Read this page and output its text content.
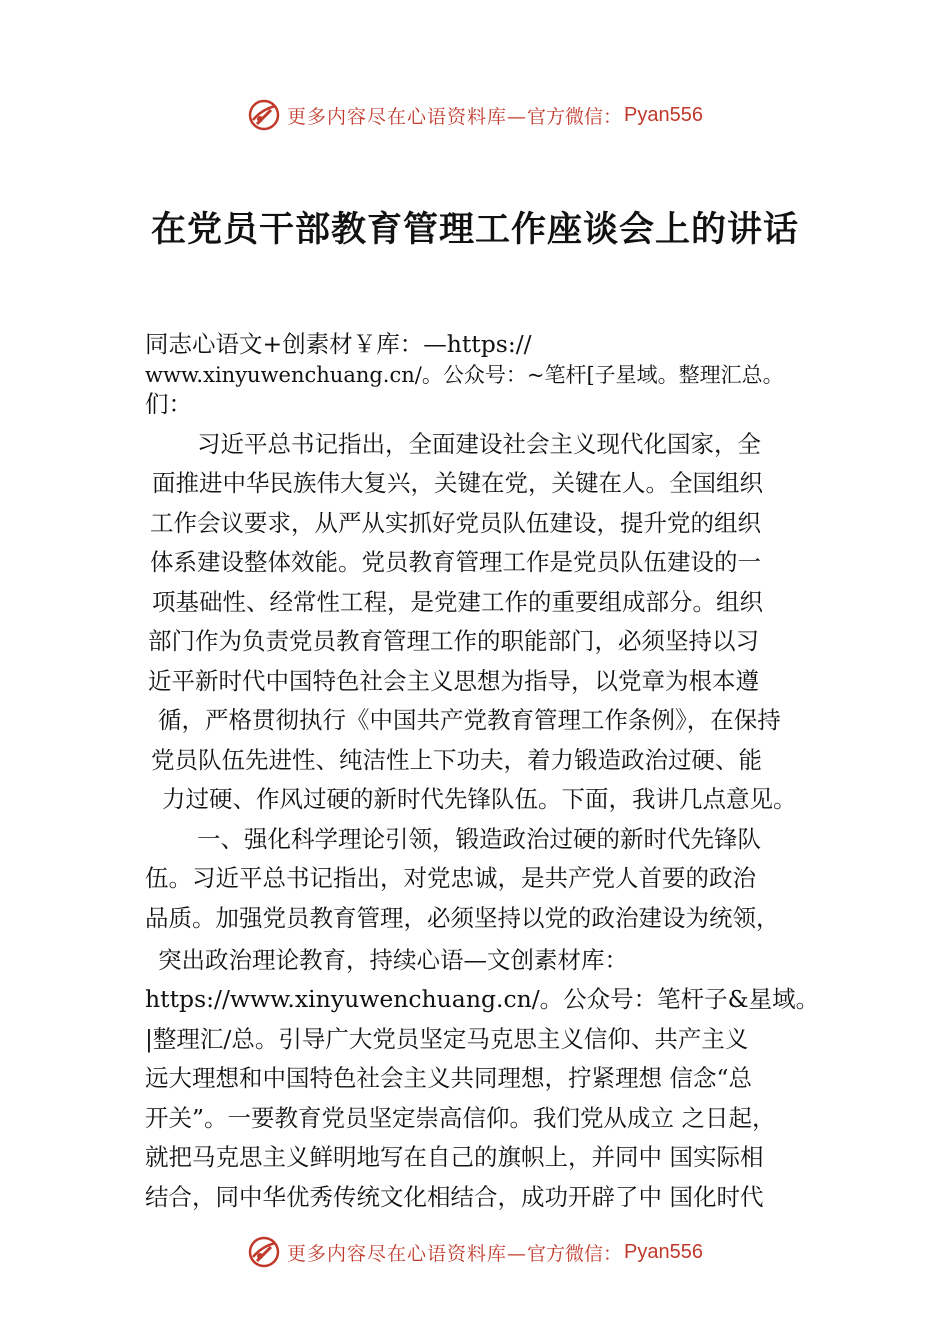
更多内容尽在心语资料库— 官方微信： Pyan556
在党员干部教育管理工作座谈会上的讲话
同志心语文+创素材￥库：—https://
www.xinyuwenchuang.cn/。公众号：~笔杆[子星域。整理汇总。
们：
习近平总书记指出，全面建设社会主义现代化国家，全
面推进中华民族伟大复兴，关键在党，关键在人。全国组织
工作会议要求，从严从实抓好党员队伍建设，提升党的组织
体系建设整体效能。党员教育管理工作是党员队伍建设的一
项基础性、经常性工程，是党建工作的重要组成部分。组织
部门作为负责党员教育管理工作的职能部门，必须坚持以习
近平新时代中国特色社会主义思想为指导，以党章为根本遵
循，严格贯彻执行《中国共产党教育管理工作条例》，在保持
党员队伍先进性、纯洁性上下功夫，着力锻造政治过硬、能
力过硬、作风过硬的新时代先锋队伍。下面，我讲几点意见。
一、强化科学理论引领，锻造政治过硬的新时代先锋队
伍。习近平总书记指出，对党忠诚，是共产党人首要的政治
品质。加强党员教育管理，必须坚持以党的政治建设为统领，
突出政治理论教育，持续心语—文创素材库：
https://www.xinyuwenchuang.cn/。公众号：笔杆子&星域。
|整理汇/总。引导广大党员坚定马克思主义信仰、共产主义
远大理想和中国特色社会主义共同理想，拧紧理想 信念“总
开关”。一要教育党员坚定崇高信仰。我们党从成立 之日起，
就把马克思主义鲜明地写在自己的旗帜上，并同中 国实际相
结合，同中华优秀传统文化相结合，成功开辟了中 国化时代
更多内容尽在心语资料库— 官方微信： Pyan556
